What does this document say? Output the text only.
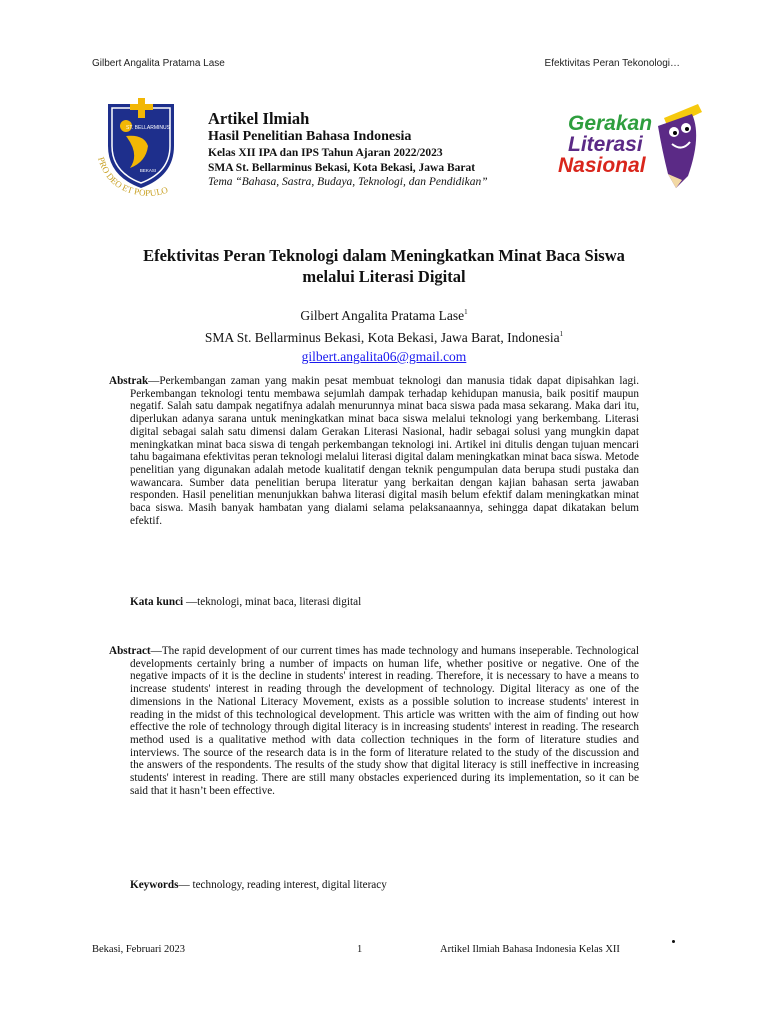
Gilbert Angalita Pratama Lase	Efektivitas Peran Tekonologi…
ST. BELLARMINUS
BEKASI
PRO DEO ET POPULO
Artikel Ilmiah
Hasil Penelitian Bahasa Indonesia
Kelas XII IPA dan IPS Tahun Ajaran 2022/2023
SMA St. Bellarminus Bekasi, Kota Bekasi, Jawa Barat
Tema “Bahasa, Sastra, Budaya, Teknologi, dan Pendidikan”
Gerakan
Literasi
Nasional
Efektivitas Peran Teknologi dalam Meningkatkan Minat Baca Siswa
melalui Literasi Digital
Gilbert Angalita Pratama Lase$^1$
SMA St. Bellarminus Bekasi, Kota Bekasi, Jawa Barat, Indonesia$^1$
gilbert.angalita06@gmail.com

Abstrak—Perkembangan zaman yang makin pesat membuat teknologi dan manusia tidak dapat dipisahkan lagi. Perkembangan teknologi tentu membawa sejumlah dampak terhadap kehidupan manusia, baik positif maupun negatif. Salah satu dampak negatifnya adalah menurunnya minat baca siswa pada masa sekarang. Maka dari itu, diperlukan adanya sarana untuk meningkatkan minat baca siswa melalui teknologi yang berkembang. Literasi digital sebagai salah satu dimensi dalam Gerakan Literasi Nasional, hadir sebagai solusi yang mungkin dapat meningkatkan minat baca siswa di tengah perkembangan teknologi ini. Artikel ini ditulis dengan tujuan mencari tahu bagaimana efektivitas peran teknologi melalui literasi digital dalam meningkatkan minat baca siswa. Metode penelitian yang digunakan adalah metode kualitatif dengan teknik pengumpulan data berupa studi pustaka dan wawancara. Sumber data penelitian berupa literatur yang berkaitan dengan kajian bahasan serta jawaban responden. Hasil penelitian menunjukkan bahwa literasi digital masih belum efektif dalam meningkatkan minat baca siswa. Masih banyak hambatan yang dialami selama pelaksanaannya, sehingga dapat dikatakan belum efektif.

Kata kunci —teknologi, minat baca, literasi digital

Abstract—The rapid development of our current times has made technology and humans inseperable. Technological developments certainly bring a number of impacts on human life, whether positive or negative. One of the negative impacts of it is the decline in students' interest in reading. Therefore, it is necessary to have a means to increase students' interest in reading through the development of technology. Digital literacy as one of the dimensions in the National Literacy Movement, exists as a possible solution to increase students' interest in reading in the midst of this technological development. This article was written with the aim of finding out how effective the role of technology through digital literacy is in increasing students' interest in reading. The research method used is a qualitative method with data collection techniques in the form of literature studies and interviews. The source of the research data is in the form of literature related to the study of the discussion and the answers of the respondents. The results of the study show that digital literacy is still ineffective in increasing students' interest in reading. There are still many obstacles experienced during its implementation, so it can be said that it hasn’t been effective.

Keywords— technology, reading interest, digital literacy
Bekasi, Februari 2023	1	Artikel Ilmiah Bahasa Indonesia Kelas XII
